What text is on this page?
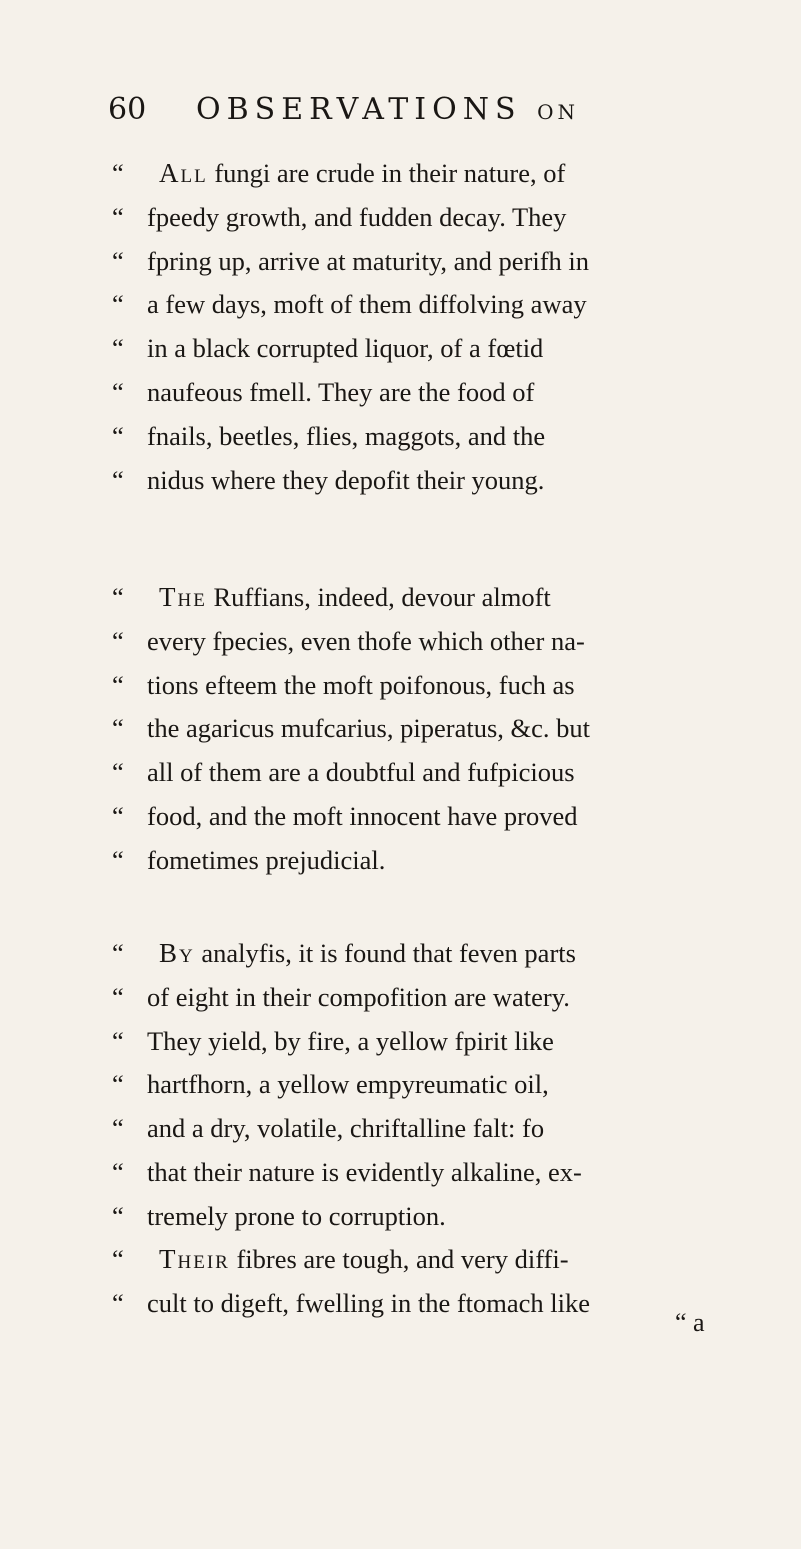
60 OBSERVATIONS ON
“ All fungi are crude in their nature, of
“ fpeedy growth, and fudden decay. They
“ fpring up, arrive at maturity, and perifh in
“ a few days, moft of them diffolving away
“ in a black corrupted liquor, of a fœtid
“ naufeous fmell. They are the food of
“ fnails, beetles, flies, maggots, and the
“ nidus where they depofit their young.
“ The Ruffians, indeed, devour almoft
“ every fpecies, even thofe which other na-
“ tions efteem the moft poifonous, fuch as
“ the agaricus mufcarius, piperatus, &c. but
“ all of them are a doubtful and fufpicious
“ food, and the moft innocent have proved
“ fometimes prejudicial.
“ By analyfis, it is found that feven parts
“ of eight in their compofition are watery.
“ They yield, by fire, a yellow fpirit like
“ hartfhorn, a yellow empyreumatic oil,
“ and a dry, volatile, chriftalline falt: fo
“ that their nature is evidently alkaline, ex-
“ tremely prone to corruption.
“ Their fibres are tough, and very diffi-
“ cult to digeft, fwelling in the ftomach like
“ a
